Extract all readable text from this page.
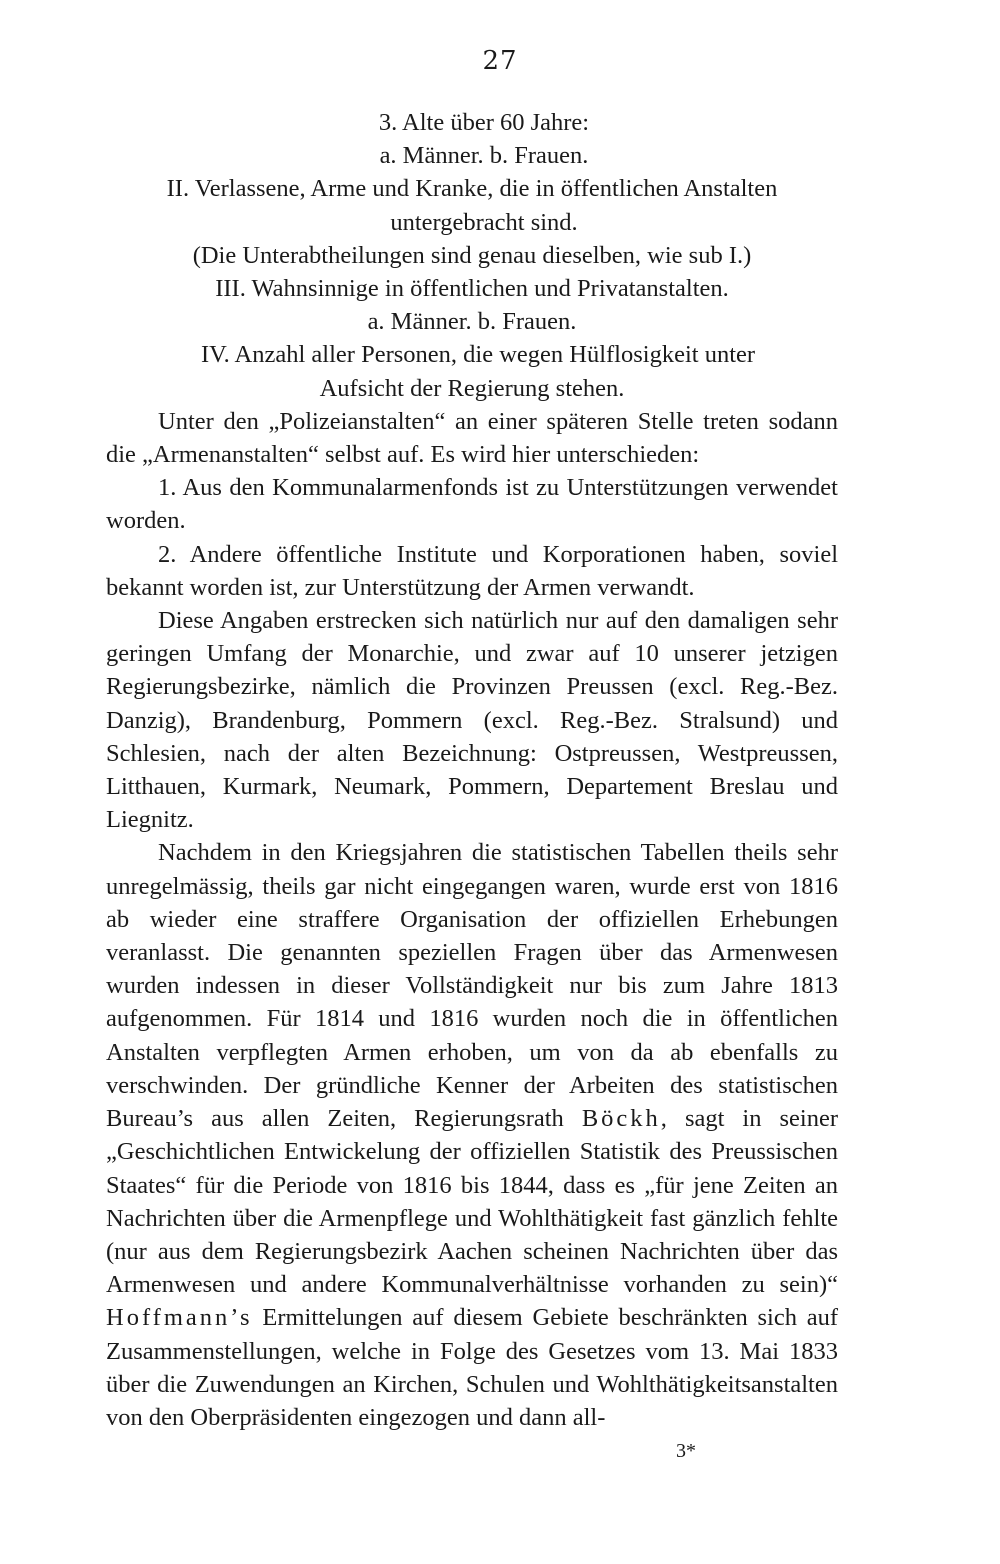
27
3. Alte über 60 Jahre:
a. Männer. b. Frauen.
II. Verlassene, Arme und Kranke, die in öffentlichen Anstalten
untergebracht sind.
(Die Unterabtheilungen sind genau dieselben, wie sub I.)
III. Wahnsinnige in öffentlichen und Privatanstalten.
a. Männer. b. Frauen.
IV. Anzahl aller Personen, die wegen Hülflosigkeit unter
Aufsicht der Regierung stehen.

Unter den „Polizeianstalten“ an einer späteren Stelle treten sodann die „Armenanstalten“ selbst auf. Es wird hier unterschieden:

1. Aus den Kommunalarmenfonds ist zu Unterstützungen verwendet worden.

2. Andere öffentliche Institute und Korporationen haben, soviel bekannt worden ist, zur Unterstützung der Armen verwandt.

Diese Angaben erstrecken sich natürlich nur auf den damaligen sehr geringen Umfang der Monarchie, und zwar auf 10 unserer jetzigen Regierungsbezirke, nämlich die Provinzen Preussen (excl. Reg.-Bez. Danzig), Brandenburg, Pommern (excl. Reg.-Bez. Stralsund) und Schlesien, nach der alten Bezeichnung: Ostpreussen, Westpreussen, Litthauen, Kurmark, Neumark, Pommern, Departement Breslau und Liegnitz.

Nachdem in den Kriegsjahren die statistischen Tabellen theils sehr unregelmässig, theils gar nicht eingegangen waren, wurde erst von 1816 ab wieder eine straffere Organisation der offiziellen Erhebungen veranlasst. Die genannten speziellen Fragen über das Armenwesen wurden indessen in dieser Vollständigkeit nur bis zum Jahre 1813 aufgenommen. Für 1814 und 1816 wurden noch die in öffentlichen Anstalten verpflegten Armen erhoben, um von da ab ebenfalls zu verschwinden. Der gründliche Kenner der Arbeiten des statistischen Bureau’s aus allen Zeiten, Regierungsrath Böckh, sagt in seiner „Geschichtlichen Entwickelung der offiziellen Statistik des Preussischen Staates“ für die Periode von 1816 bis 1844, dass es „für jene Zeiten an Nachrichten über die Armenpflege und Wohlthätigkeit fast gänzlich fehlte (nur aus dem Regierungsbezirk Aachen scheinen Nachrichten über das Armenwesen und andere Kommunalverhältnisse vorhanden zu sein)“ Hoffmann’s Ermittelungen auf diesem Gebiete beschränkten sich auf Zusammenstellungen, welche in Folge des Gesetzes vom 13. Mai 1833 über die Zuwendungen an Kirchen, Schulen und Wohlthätigkeitsanstalten von den Oberpräsidenten eingezogen und dann all-

3*
